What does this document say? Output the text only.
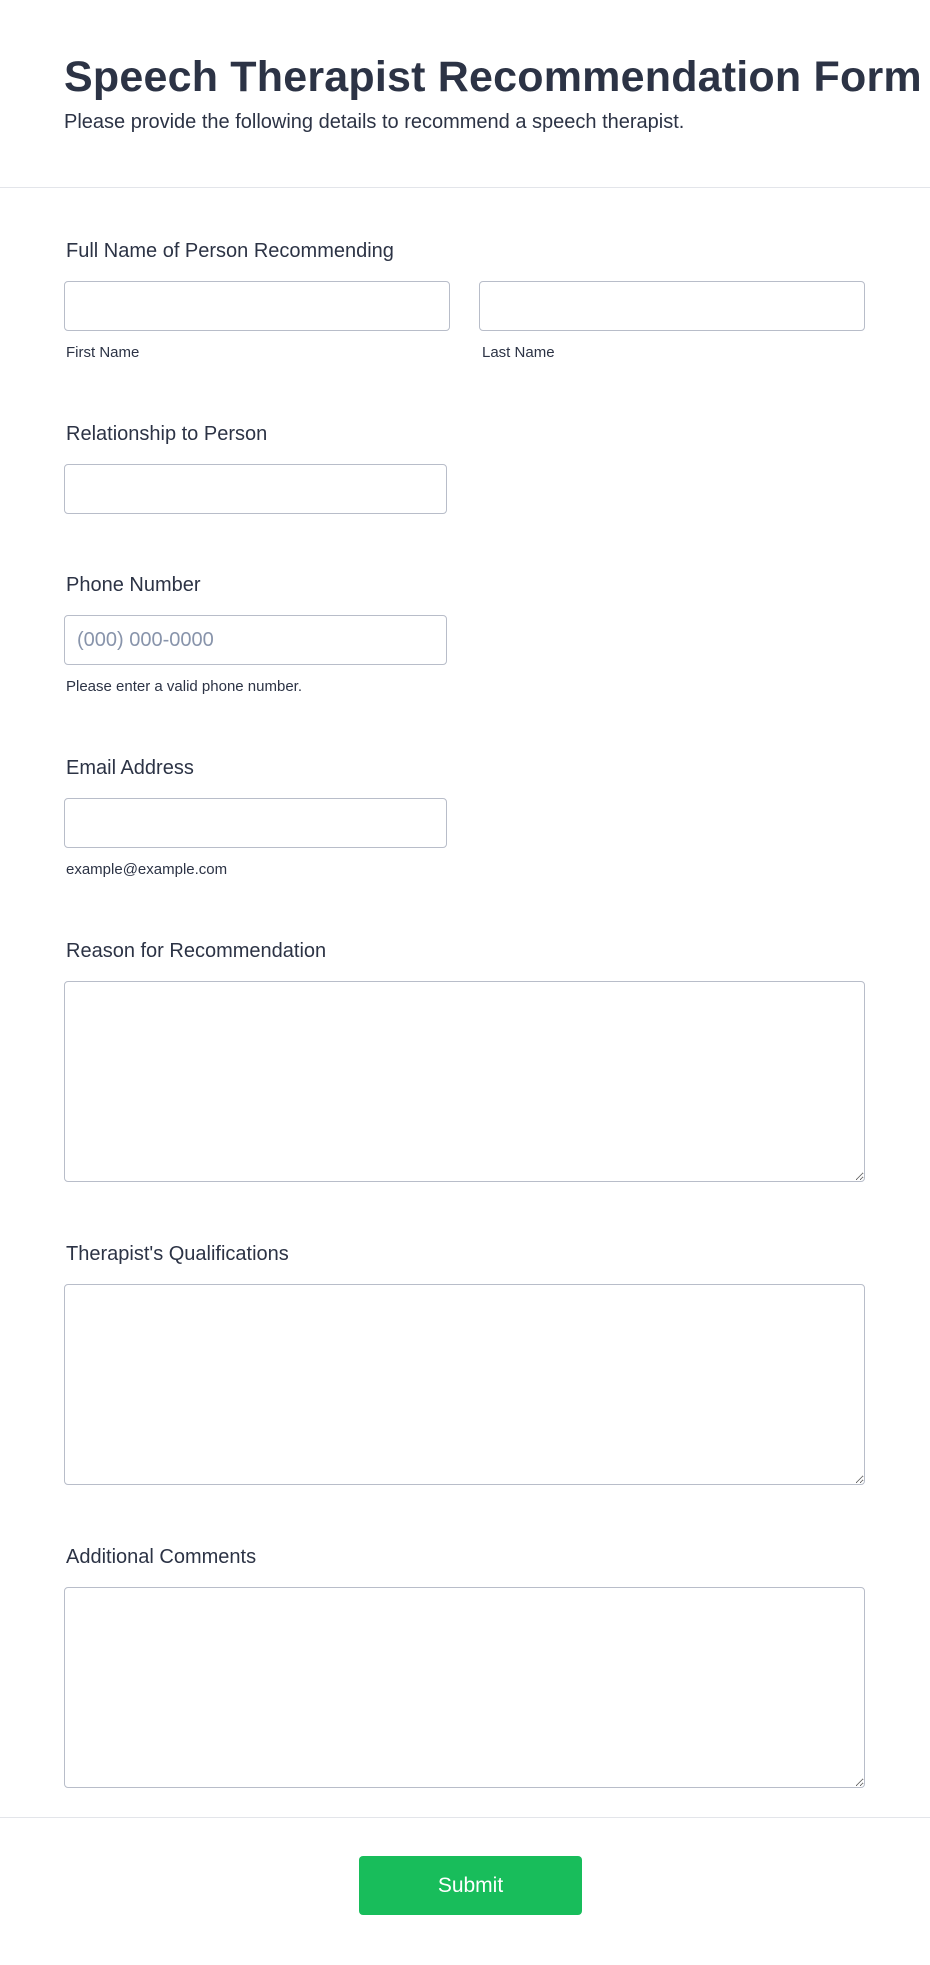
Speech Therapist Recommendation Form

Please provide the following details to recommend a speech therapist.

Full Name of Person Recommending
First Name	Last Name
Relationship to Person
Phone Number
(000) 000-0000
Please enter a valid phone number.
Email Address
example@example.com
Reason for Recommendation
Therapist's Qualifications
Additional Comments
Submit
